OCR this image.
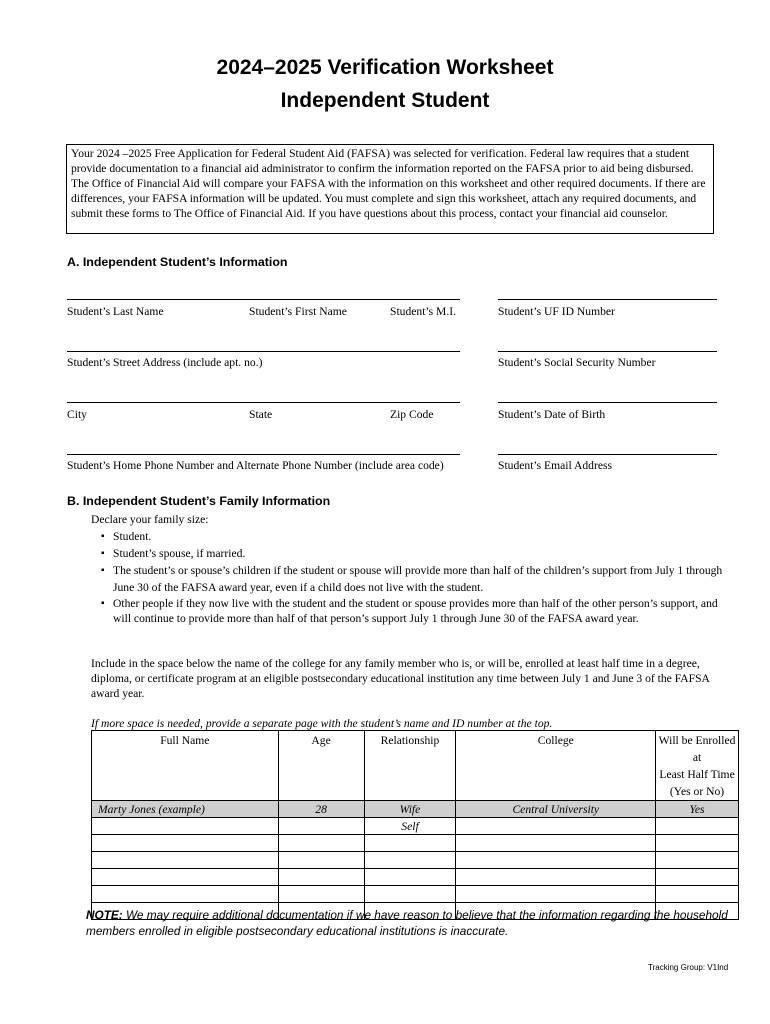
2024–2025 Verification Worksheet
Independent Student
Your 2024 –2025 Free Application for Federal Student Aid (FAFSA) was selected for verification. Federal law requires that a student provide documentation to a financial aid administrator to confirm the information reported on the FAFSA prior to aid being disbursed. The Office of Financial Aid will compare your FAFSA with the information on this worksheet and other required documents. If there are differences, your FAFSA information will be updated. You must complete and sign this worksheet, attach any required documents, and submit these forms to The Office of Financial Aid. If you have questions about this process, contact your financial aid counselor.
A. Independent Student’s Information
Student’s Last Name	Student’s First Name	Student’s M.I.	Student’s UF ID Number
Student’s Street Address (include apt. no.)	Student’s Social Security Number
City	State	Zip Code	Student’s Date of Birth
Student’s Home Phone Number and Alternate Phone Number (include area code)	Student’s Email Address
B. Independent Student’s Family Information
Declare your family size:
▪ Student.
▪ Student’s spouse, if married.
▪ The student’s or spouse’s children if the student or spouse will provide more than half of the children’s support from July 1 through June 30 of the FAFSA award year, even if a child does not live with the student.
▪ Other people if they now live with the student and the student or spouse provides more than half of the other person’s support, and will continue to provide more than half of that person’s support July 1 through June 30 of the FAFSA award year.
Include in the space below the name of the college for any family member who is, or will be, enrolled at least half time in a degree, diploma, or certificate program at an eligible postsecondary educational institution any time between July 1 and June 3 of the FAFSA award year.
If more space is needed, provide a separate page with the student’s name and ID number at the top.
Full Name	Age	Relationship	College	Will be Enrolled at
Least Half Time
(Yes or No)

Marty Jones (example)	28	Wife	Central University	Yes
		Self		

NOTE: We may require additional documentation if we have reason to believe that the information regarding the household members enrolled in eligible postsecondary educational institutions is inaccurate.
Tracking Group: V1Ind
